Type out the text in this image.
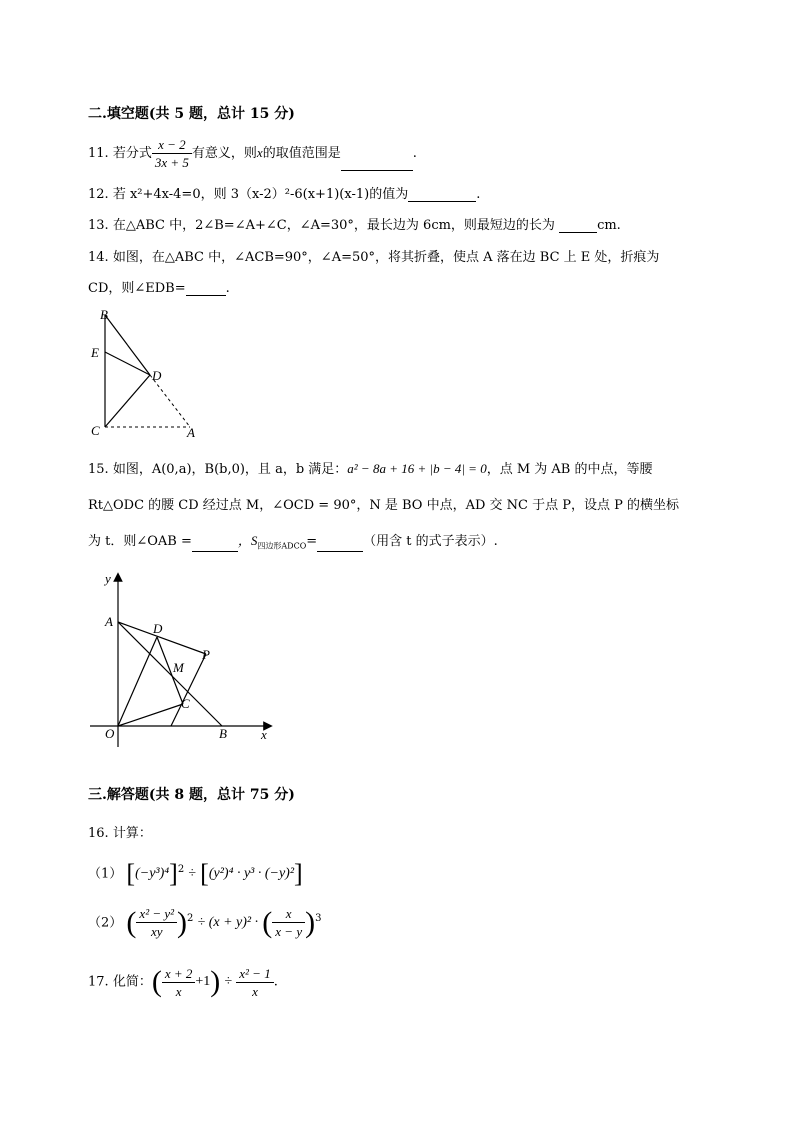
二.填空题(共 5 题，总计 15 分)
11. 若分式 $\frac{x - 2}{3x + 5}$ 有意义，则x的取值范围是	.
12. 若 x²+4x-4=0，则 3（x-2）²-6(x+1)(x-1)的值为	.
13. 在△ABC 中，2∠B=∠A+∠C，∠A=30°，最长边为 6cm，则最短边的长为	cm.
14. 如图，在△ABC 中，∠ACB=90°，∠A=50°，将其折叠，使点 A 落在边 BC 上 E 处，折痕为
CD，则∠EDB=	.
B
E
D
C	A
15. 如图，A(0,a)，B(b,0)，且 a，b 满足：a² − 8a + 16 + |b − 4| = 0，点 M 为 AB 的中点，等腰
Rt△ODC 的腰 CD 经过点 M，∠OCD = 90°，N 是 BO 中点，AD 交 NC 于点 P，设点 P 的横坐标
为 t．则∠OAB =	，$S_{四边形ADCO}=$	（用含 t 的式子表示）.
y
A	D
P
M
C
O	B	x
三.解答题(共 8 题，总计 75 分)
16. 计算：
（1） $[(-y^3)^4]^2 \div [(y^2)^4 \cdot y^3 \cdot (-y)^2]$
（2） ( $\frac{\text{x² − y²}}{xy} )^2 \div (x + y)^2$ · ( $\frac{x}{x - y} )^3$
17. 化简：( $\frac{x + 2}{x} +1) \div \frac{\text{x² − 1}}{x}$ .
